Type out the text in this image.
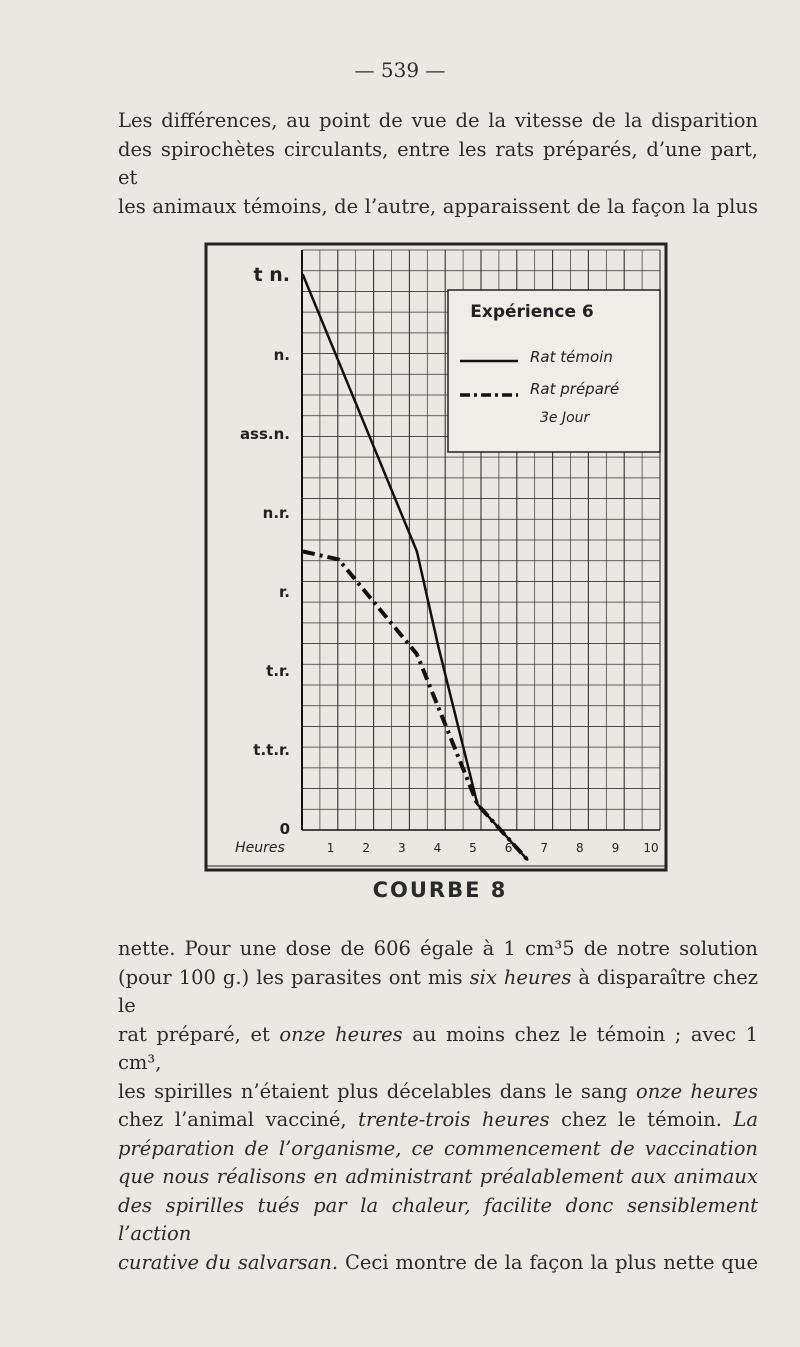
— 539 —
Les différences, au point de vue de la vitesse de la disparition
des spirochètes circulants, entre les rats préparés, d’une part, et
les animaux témoins, de l’autre, apparaissent de la façon la plus
0
t.t.r.
t.r.
r.
n.r.
ass.n.
n.
t n.
1 2 3 4 5 6 7 8 9 10
Heures
Expérience 6
Rat témoin
Rat préparé
3e Jour
COURBE 8
nette. Pour une dose de 606 égale à 1 cm³5 de notre solution
(pour 100 g.) les parasites ont mis six heures à disparaître chez le
rat préparé, et onze heures au moins chez le témoin ; avec 1 cm³,
les spirilles n’étaient plus décelables dans le sang onze heures
chez l’animal vacciné, trente-trois heures chez le témoin. La
préparation de l’organisme, ce commencement de vaccination
que nous réalisons en administrant préalablement aux animaux
des spirilles tués par la chaleur, facilite donc sensiblement l’action
curative du salvarsan. Ceci montre de la façon la plus nette que
